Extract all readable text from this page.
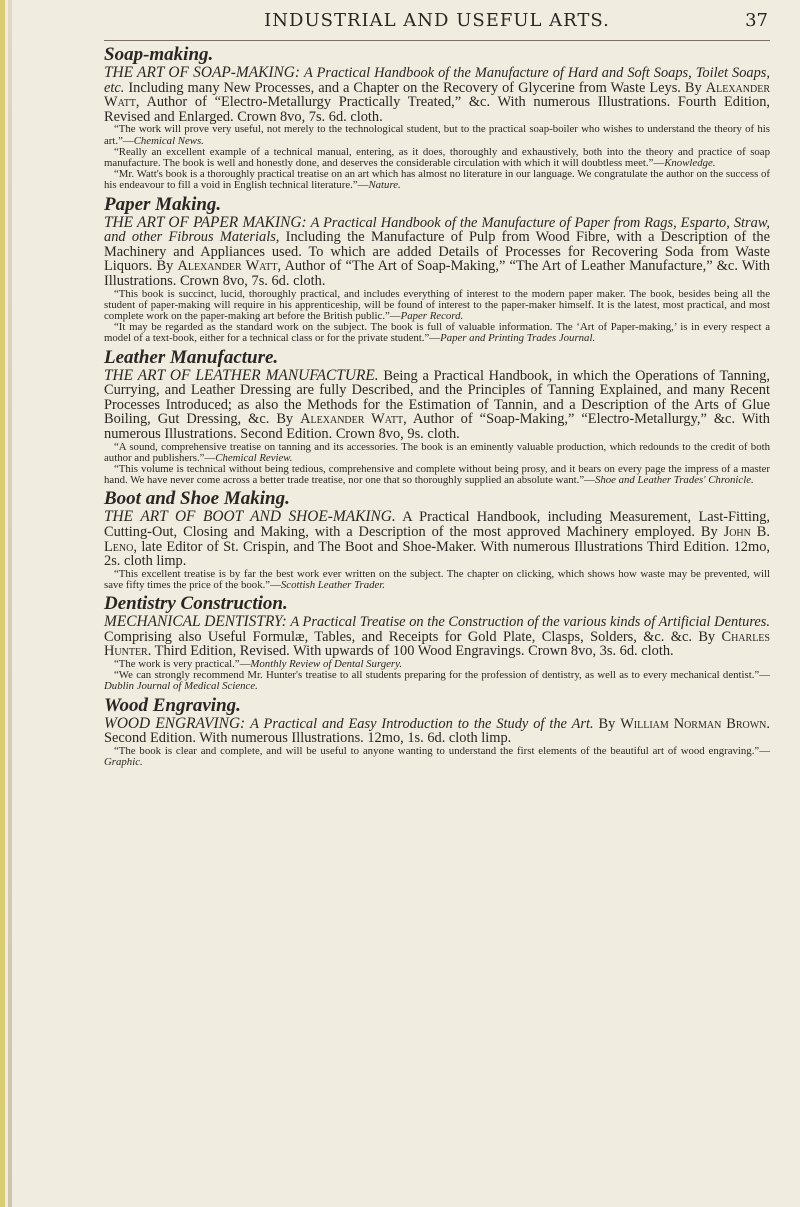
INDUSTRIAL AND USEFUL ARTS.	37
Soap-making.

THE ART OF SOAP-MAKING: A Practical Handbook of the Manufacture of Hard and Soft Soaps, Toilet Soaps, etc. Including many New Processes, and a Chapter on the Recovery of Glycerine from Waste Leys. By Alexander Watt, Author of “Electro-Metallurgy Practically Treated,” &c. With numerous Illustrations. Fourth Edition, Revised and Enlarged. Crown 8vo, 7s. 6d. cloth.

“The work will prove very useful, not merely to the technological student, but to the practical soap-boiler who wishes to understand the theory of his art.”—Chemical News.

“Really an excellent example of a technical manual, entering, as it does, thoroughly and exhaustively, both into the theory and practice of soap manufacture. The book is well and honestly done, and deserves the considerable circulation with which it will doubtless meet.”—Knowledge.

“Mr. Watt's book is a thoroughly practical treatise on an art which has almost no literature in our language. We congratulate the author on the success of his endeavour to fill a void in English technical literature.”—Nature.

Paper Making.

THE ART OF PAPER MAKING: A Practical Handbook of the Manufacture of Paper from Rags, Esparto, Straw, and other Fibrous Materials, Including the Manufacture of Pulp from Wood Fibre, with a Description of the Machinery and Appliances used. To which are added Details of Processes for Recovering Soda from Waste Liquors. By Alexander Watt, Author of “The Art of Soap-Making,” “The Art of Leather Manufacture,” &c. With Illustrations. Crown 8vo, 7s. 6d. cloth.

“This book is succinct, lucid, thoroughly practical, and includes everything of interest to the modern paper maker. The book, besides being all the student of paper-making will require in his apprenticeship, will be found of interest to the paper-maker himself. It is the latest, most practical, and most complete work on the paper-making art before the British public.”—Paper Record.

“It may be regarded as the standard work on the subject. The book is full of valuable information. The ‘Art of Paper-making,’ is in every respect a model of a text-book, either for a technical class or for the private student.”—Paper and Printing Trades Journal.

Leather Manufacture.

THE ART OF LEATHER MANUFACTURE. Being a Practical Handbook, in which the Operations of Tanning, Currying, and Leather Dressing are fully Described, and the Principles of Tanning Explained, and many Recent Processes Introduced; as also the Methods for the Estimation of Tannin, and a Description of the Arts of Glue Boiling, Gut Dressing, &c. By Alexander Watt, Author of “Soap-Making,” “Electro-Metallurgy,” &c. With numerous Illustrations. Second Edition. Crown 8vo, 9s. cloth.

“A sound, comprehensive treatise on tanning and its accessories. The book is an eminently valuable production, which redounds to the credit of both author and publishers.”—Chemical Review.

“This volume is technical without being tedious, comprehensive and complete without being prosy, and it bears on every page the impress of a master hand. We have never come across a better trade treatise, nor one that so thoroughly supplied an absolute want.”—Shoe and Leather Trades' Chronicle.

Boot and Shoe Making.

THE ART OF BOOT AND SHOE-MAKING. A Practical Handbook, including Measurement, Last-Fitting, Cutting-Out, Closing and Making, with a Description of the most approved Machinery employed. By John B. Leno, late Editor of St. Crispin, and The Boot and Shoe-Maker. With numerous Illustrations Third Edition. 12mo, 2s. cloth limp.

“This excellent treatise is by far the best work ever written on the subject. The chapter on clicking, which shows how waste may be prevented, will save fifty times the price of the book.”—Scottish Leather Trader.

Dentistry Construction.

MECHANICAL DENTISTRY: A Practical Treatise on the Construction of the various kinds of Artificial Dentures. Comprising also Useful Formulæ, Tables, and Receipts for Gold Plate, Clasps, Solders, &c. &c. By Charles Hunter. Third Edition, Revised. With upwards of 100 Wood Engravings. Crown 8vo, 3s. 6d. cloth.

“The work is very practical.”—Monthly Review of Dental Surgery.

“We can strongly recommend Mr. Hunter's treatise to all students preparing for the profession of dentistry, as well as to every mechanical dentist.”—Dublin Journal of Medical Science.

Wood Engraving.

WOOD ENGRAVING: A Practical and Easy Introduction to the Study of the Art. By William Norman Brown. Second Edition. With numerous Illustrations. 12mo, 1s. 6d. cloth limp.

“The book is clear and complete, and will be useful to anyone wanting to understand the first elements of the beautiful art of wood engraving.”—Graphic.
